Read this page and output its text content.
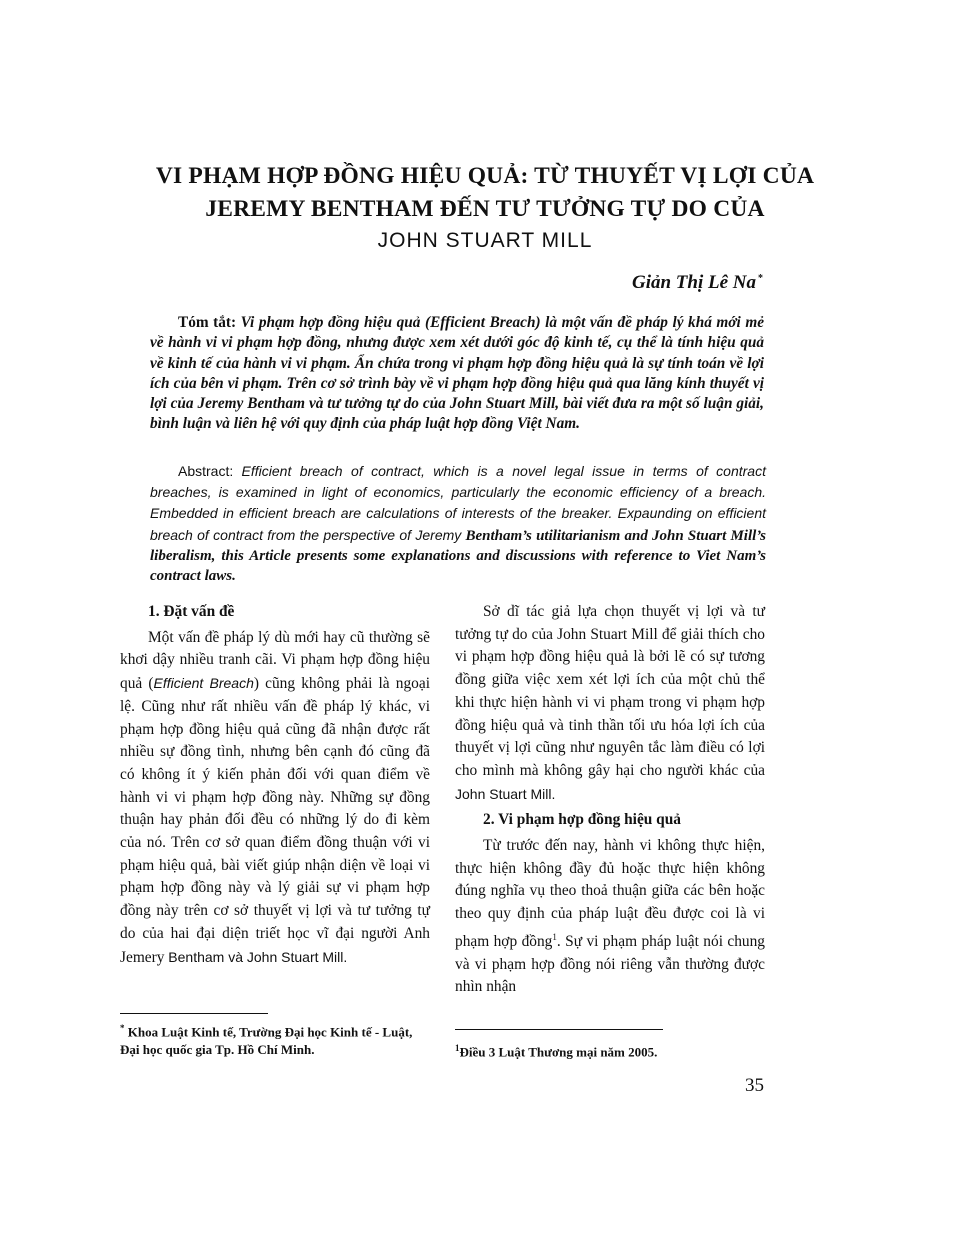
VI PHẠM HỢP ĐỒNG HIỆU QUẢ: TỪ THUYẾT VỊ LỢI CỦA
JEREMY BENTHAM ĐẾN TƯ TƯỞNG TỰ DO CỦA
JOHN STUART MILL
Giản Thị Lê Na *
Tóm tắt: Vi phạm hợp đồng hiệu quả (Efficient Breach) là một vấn đề pháp lý khá mới mẻ về hành vi vi phạm hợp đồng, nhưng được xem xét dưới góc độ kinh tế, cụ thể là tính hiệu quả về kinh tế của hành vi vi phạm. Ẩn chứa trong vi phạm hợp đồng hiệu quả là sự tính toán về lợi ích của bên vi phạm. Trên cơ sở trình bày về vi phạm hợp đồng hiệu quả qua lăng kính thuyết vị lợi của Jeremy Bentham và tư tưởng tự do của John Stuart Mill, bài viết đưa ra một số luận giải, bình luận và liên hệ với quy định của pháp luật hợp đồng Việt Nam.
Abstract: Efficient breach of contract, which is a novel legal issue in terms of contract breaches, is examined in light of economics, particularly the economic efficiency of a breach. Embedded in efficient breach are calculations of interests of the breaker. Expaunding on efficient breach of contract from the perspective of Jeremy Bentham’s utilitarianism and John Stuart Mill’s liberalism, this Article presents some explanations and discussions with reference to Viet Nam’s contract laws.
1. Đặt vấn đề

Một vấn đề pháp lý dù mới hay cũ thường sẽ khơi dậy nhiều tranh cãi. Vi phạm hợp đồng hiệu quả (Efficient Breach) cũng không phải là ngoại lệ. Cũng như rất nhiều vấn đề pháp lý khác, vi phạm hợp đồng hiệu quả cũng đã nhận được rất nhiều sự đồng tình, nhưng bên cạnh đó cũng đã có không ít ý kiến phản đối với quan điểm về hành vi vi phạm hợp đồng này. Những sự đồng thuận hay phản đối đều có những lý do đi kèm của nó. Trên cơ sở quan điểm đồng thuận với vi phạm hiệu quả, bài viết giúp nhận diện về loại vi phạm hợp đồng này và lý giải sự vi phạm hợp đồng này trên cơ sở thuyết vị lợi và tư tưởng tự do của hai đại diện triết học vĩ đại người Anh Jemery Bentham và John Stuart Mill.

Sở dĩ tác giả lựa chọn thuyết vị lợi và tư tưởng tự do của John Stuart Mill để giải thích cho vi phạm hợp đồng hiệu quả là bởi lẽ có sự tương đồng giữa việc xem xét lợi ích của một chủ thể khi thực hiện hành vi vi phạm trong vi phạm hợp đồng hiệu quả và tinh thần tối ưu hóa lợi ích của thuyết vị lợi cũng như nguyên tắc làm điều có lợi cho mình mà không gây hại cho người khác của John Stuart Mill.

2. Vi phạm hợp đồng hiệu quả

Từ trước đến nay, hành vi không thực hiện, thực hiện không đầy đủ hoặc thực hiện không đúng nghĩa vụ theo thoả thuận giữa các bên hoặc theo quy định của pháp luật đều được coi là vi phạm hợp đồng$^1$. Sự vi phạm pháp luật nói chung và vi phạm hợp đồng nói riêng vẫn thường được nhìn nhận

* Khoa Luật Kinh tế, Trường Đại học Kinh tế - Luật, Đại học quốc gia Tp. Hồ Chí Minh.	$^1$Điều 3 Luật Thương mại năm 2005.
35
